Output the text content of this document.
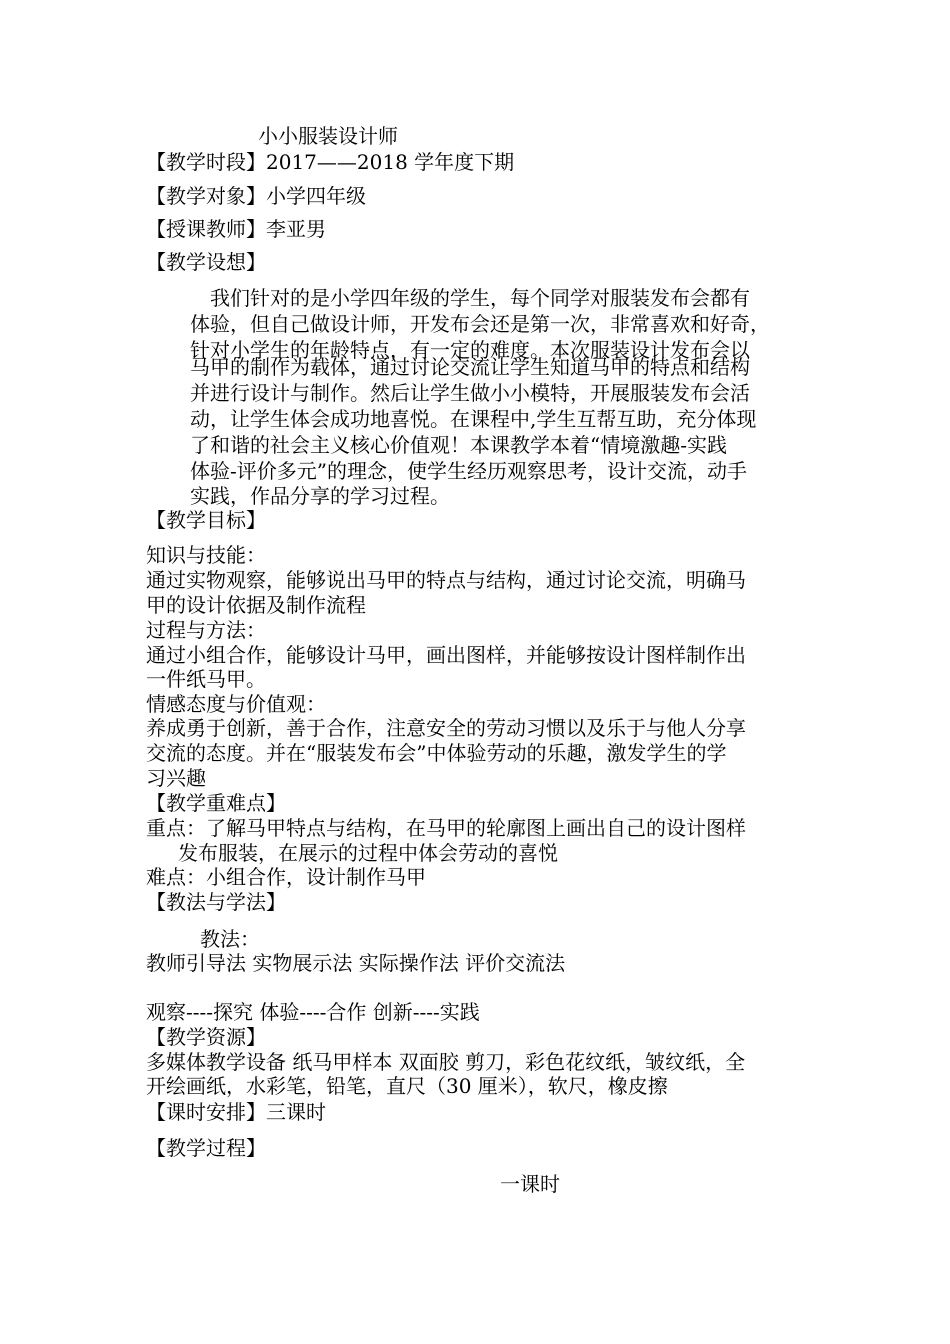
小小服装设计师
【教学时段】2017——2018 学年度下期
【教学对象】小学四年级
【授课教师】李亚男
【教学设想】
我们针对的是小学四年级的学生，每个同学对服装发布会都有
体验，但自己做设计师，开发布会还是第一次，非常喜欢和好奇，
针对小学生的年龄特点，有一定的难度。本次服装设计发布会以
马甲的制作为载体，通过讨论交流让学生知道马甲的特点和结构
并进行设计与制作。然后让学生做小小模特，开展服装发布会活
动，让学生体会成功地喜悦。在课程中,学生互帮互助，充分体现
了和谐的社会主义核心价值观！本课教学本着“情境激趣-实践
体验-评价多元”的理念，使学生经历观察思考，设计交流，动手
实践，作品分享的学习过程。
【教学目标】
知识与技能：
通过实物观察，能够说出马甲的特点与结构，通过讨论交流，明确马
甲的设计依据及制作流程
过程与方法：
通过小组合作，能够设计马甲，画出图样，并能够按设计图样制作出
一件纸马甲。
情感态度与价值观：
养成勇于创新，善于合作，注意安全的劳动习惯以及乐于与他人分享
交流的态度。并在“服装发布会”中体验劳动的乐趣，激发学生的学
习兴趣
【教学重难点】
重点：了解马甲特点与结构，在马甲的轮廓图上画出自己的设计图样
发布服装，在展示的过程中体会劳动的喜悦
难点：小组合作，设计制作马甲
【教法与学法】
教法：
教师引导法 实物展示法 实际操作法 评价交流法
观察----探究 体验----合作 创新----实践
【教学资源】
多媒体教学设备 纸马甲样本 双面胶 剪刀，彩色花纹纸，皱纹纸，全
开绘画纸，水彩笔，铅笔，直尺（30 厘米），软尺，橡皮擦
【课时安排】三课时
【教学过程】
一课时
